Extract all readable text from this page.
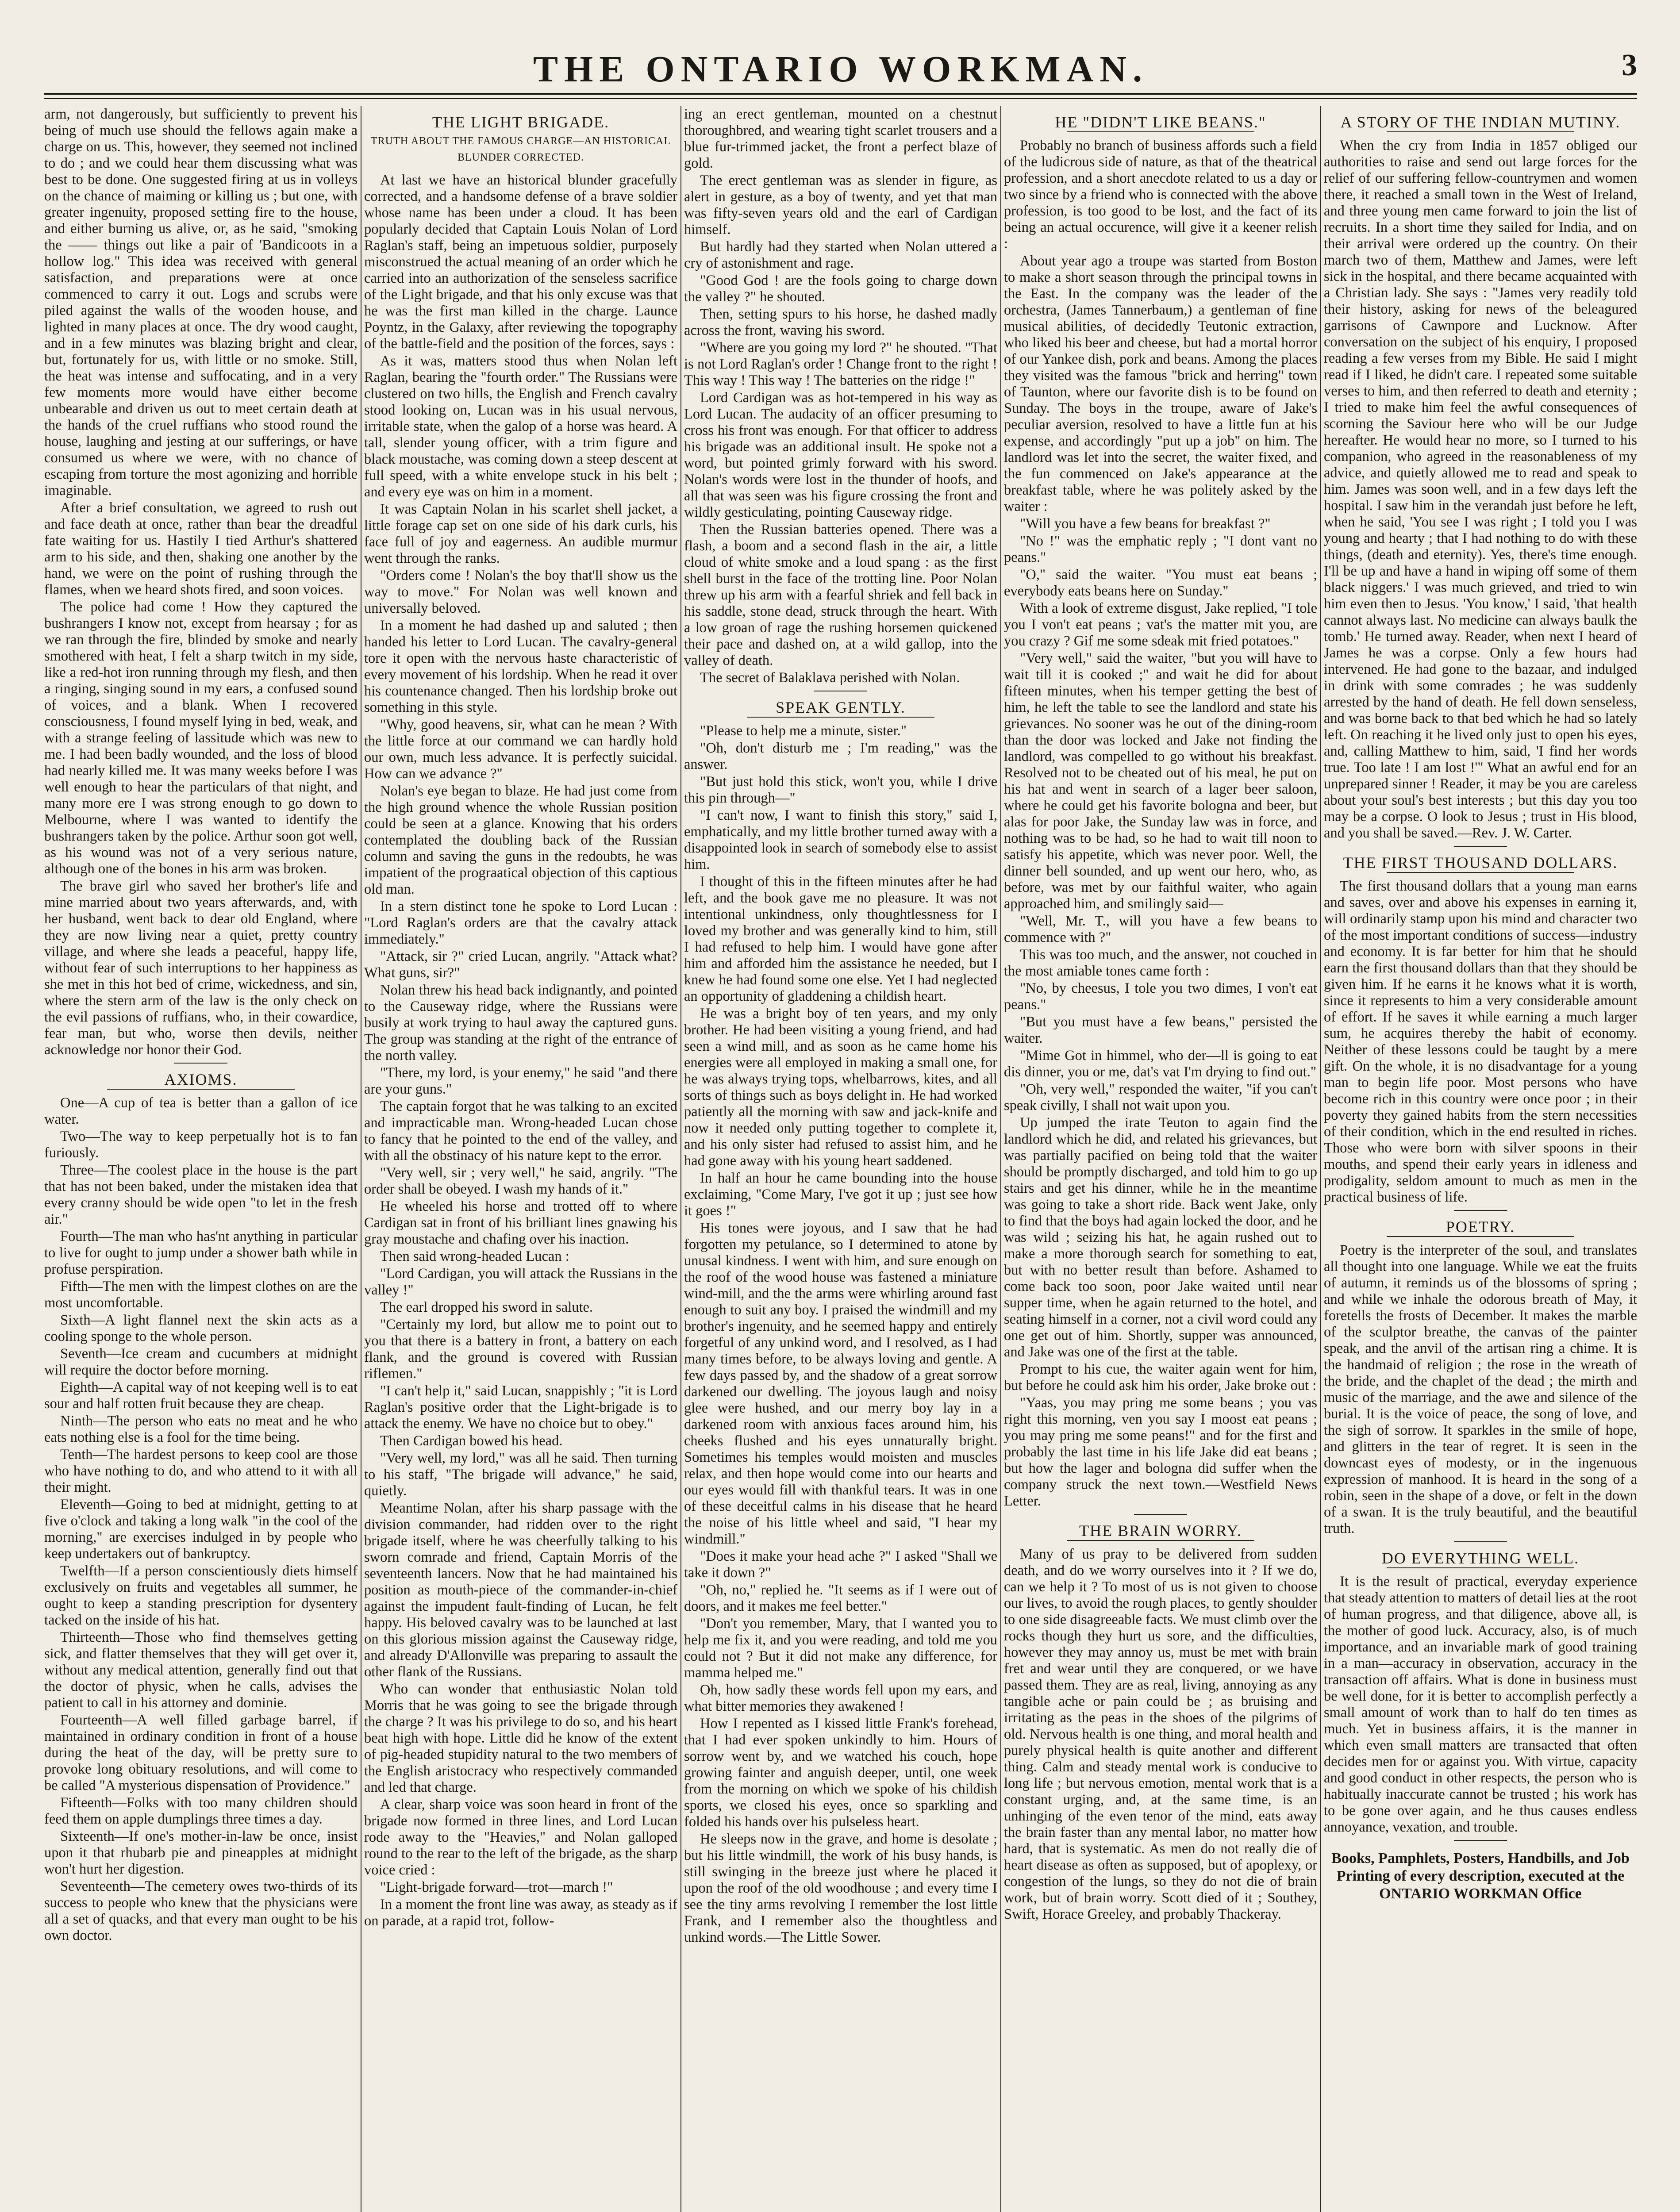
THE ONTARIO WORKMAN.	3

arm, not dangerously, but sufficiently to prevent his being of much use should the fellows again make a charge on us. This, however, they seemed not inclined to do ; and we could hear them discussing what was best to be done. One suggested firing at us in volleys on the chance of maiming or killing us ; but one, with greater ingenuity, proposed setting fire to the house, and either burning us alive, or, as he said, "smoking the —— things out like a pair of 'Bandicoots in a hollow log." This idea was received with general satisfaction, and preparations were at once commenced to carry it out. Logs and scrubs were piled against the walls of the wooden house, and lighted in many places at once. The dry wood caught, and in a few minutes was blazing bright and clear, but, fortunately for us, with little or no smoke. Still, the heat was intense and suffocating, and in a very few moments more would have either become unbearable and driven us out to meet certain death at the hands of the cruel ruffians who stood round the house, laughing and jesting at our sufferings, or have consumed us where we were, with no chance of escaping from torture the most agonizing and horrible imaginable.

After a brief consultation, we agreed to rush out and face death at once, rather than bear the dreadful fate waiting for us. Hastily I tied Arthur's shattered arm to his side, and then, shaking one another by the hand, we were on the point of rushing through the flames, when we heard shots fired, and soon voices.

The police had come ! How they captured the bushrangers I know not, except from hearsay ; for as we ran through the fire, blinded by smoke and nearly smothered with heat, I felt a sharp twitch in my side, like a red-hot iron running through my flesh, and then a ringing, singing sound in my ears, a confused sound of voices, and a blank. When I recovered consciousness, I found myself lying in bed, weak, and with a strange feeling of lassitude which was new to me. I had been badly wounded, and the loss of blood had nearly killed me. It was many weeks before I was well enough to hear the particulars of that night, and many more ere I was strong enough to go down to Melbourne, where I was wanted to identify the bushrangers taken by the police. Arthur soon got well, as his wound was not of a very serious nature, although one of the bones in his arm was broken.

The brave girl who saved her brother's life and mine married about two years afterwards, and, with her husband, went back to dear old England, where they are now living near a quiet, pretty country village, and where she leads a peaceful, happy life, without fear of such interruptions to her happiness as she met in this hot bed of crime, wickedness, and sin, where the stern arm of the law is the only check on the evil passions of ruffians, who, in their cowardice, fear man, but who, worse then devils, neither acknowledge nor honor their God.

AXIOMS.

One—A cup of tea is better than a gallon of ice water.

Two—The way to keep perpetually hot is to fan furiously.

Three—The coolest place in the house is the part that has not been baked, under the mistaken idea that every cranny should be wide open "to let in the fresh air."

Fourth—The man who has'nt anything in particular to live for ought to jump under a shower bath while in profuse perspiration.

Fifth—The men with the limpest clothes on are the most uncomfortable.

Sixth—A light flannel next the skin acts as a cooling sponge to the whole person.

Seventh—Ice cream and cucumbers at midnight will require the doctor before morning.

Eighth—A capital way of not keeping well is to eat sour and half rotten fruit because they are cheap.

Ninth—The person who eats no meat and he who eats nothing else is a fool for the time being.

Tenth—The hardest persons to keep cool are those who have nothing to do, and who attend to it with all their might.

Eleventh—Going to bed at midnight, getting to at five o'clock and taking a long walk "in the cool of the morning," are exercises indulged in by people who keep undertakers out of bankruptcy.

Twelfth—If a person conscientiously diets himself exclusively on fruits and vegetables all summer, he ought to keep a standing prescription for dysentery tacked on the inside of his hat.

Thirteenth—Those who find themselves getting sick, and flatter themselves that they will get over it, without any medical attention, generally find out that the doctor of physic, when he calls, advises the patient to call in his attorney and dominie.

Fourteenth—A well filled garbage barrel, if maintained in ordinary condition in front of a house during the heat of the day, will be pretty sure to provoke long obituary resolutions, and will come to be called "A mysterious dispensation of Providence."

Fifteenth—Folks with too many children should feed them on apple dumplings three times a day.

Sixteenth—If one's mother-in-law be once, insist upon it that rhubarb pie and pineapples at midnight won't hurt her digestion.

Seventeenth—The cemetery owes two-thirds of its success to people who knew that the physicians were all a set of quacks, and that every man ought to be his own doctor.

THE LIGHT BRIGADE.
TRUTH ABOUT THE FAMOUS CHARGE—AN HISTORICAL BLUNDER CORRECTED.

At last we have an historical blunder gracefully corrected, and a handsome defense of a brave soldier whose name has been under a cloud. It has been popularly decided that Captain Louis Nolan of Lord Raglan's staff, being an impetuous soldier, purposely misconstrued the actual meaning of an order which he carried into an authorization of the senseless sacrifice of the Light brigade, and that his only excuse was that he was the first man killed in the charge. Launce Poyntz, in the Galaxy, after reviewing the topography of the battle-field and the position of the forces, says :

As it was, matters stood thus when Nolan left Raglan, bearing the "fourth order." The Russians were clustered on two hills, the English and French cavalry stood looking on, Lucan was in his usual nervous, irritable state, when the galop of a horse was heard. A tall, slender young officer, with a trim figure and black moustache, was coming down a steep descent at full speed, with a white envelope stuck in his belt ; and every eye was on him in a moment.

It was Captain Nolan in his scarlet shell jacket, a little forage cap set on one side of his dark curls, his face full of joy and eagerness. An audible murmur went through the ranks.

"Orders come ! Nolan's the boy that'll show us the way to move." For Nolan was well known and universally beloved.

In a moment he had dashed up and saluted ; then handed his letter to Lord Lucan. The cavalry-general tore it open with the nervous haste characteristic of every movement of his lordship. When he read it over his countenance changed. Then his lordship broke out something in this style.

"Why, good heavens, sir, what can he mean ? With the little force at our command we can hardly hold our own, much less advance. It is perfectly suicidal. How can we advance ?"

Nolan's eye began to blaze. He had just come from the high ground whence the whole Russian position could be seen at a glance. Knowing that his orders contemplated the doubling back of the Russian column and saving the guns in the redoubts, he was impatient of the prograatical objection of this captious old man.

In a stern distinct tone he spoke to Lord Lucan : "Lord Raglan's orders are that the cavalry attack immediately."

"Attack, sir ?" cried Lucan, angrily. "Attack what? What guns, sir?"

Nolan threw his head back indignantly, and pointed to the Causeway ridge, where the Russians were busily at work trying to haul away the captured guns. The group was standing at the right of the entrance of the north valley.

"There, my lord, is your enemy," he said "and there are your guns."

The captain forgot that he was talking to an excited and impracticable man. Wrong-headed Lucan chose to fancy that he pointed to the end of the valley, and with all the obstinacy of his nature kept to the error.

"Very well, sir ; very well," he said, angrily. "The order shall be obeyed. I wash my hands of it."

He wheeled his horse and trotted off to where Cardigan sat in front of his brilliant lines gnawing his gray moustache and chafing over his inaction.

Then said wrong-headed Lucan :

"Lord Cardigan, you will attack the Russians in the valley !"

The earl dropped his sword in salute.

"Certainly my lord, but allow me to point out to you that there is a battery in front, a battery on each flank, and the ground is covered with Russian riflemen."

"I can't help it," said Lucan, snappishly ; "it is Lord Raglan's positive order that the Light-brigade is to attack the enemy. We have no choice but to obey."

Then Cardigan bowed his head.

"Very well, my lord," was all he said. Then turning to his staff, "The brigade will advance," he said, quietly.

Meantime Nolan, after his sharp passage with the division commander, had ridden over to the right brigade itself, where he was cheerfully talking to his sworn comrade and friend, Captain Morris of the seventeenth lancers. Now that he had maintained his position as mouth-piece of the commander-in-chief against the impudent fault-finding of Lucan, he felt happy. His beloved cavalry was to be launched at last on this glorious mission against the Causeway ridge, and already D'Allonville was preparing to assault the other flank of the Russians.

Who can wonder that enthusiastic Nolan told Morris that he was going to see the brigade through the charge ? It was his privilege to do so, and his heart beat high with hope. Little did he know of the extent of pig-headed stupidity natural to the two members of the English aristocracy who respectively commanded and led that charge.

A clear, sharp voice was soon heard in front of the brigade now formed in three lines, and Lord Lucan rode away to the "Heavies," and Nolan galloped round to the rear to the left of the brigade, as the sharp voice cried :

"Light-brigade forward—trot—march !"

In a moment the front line was away, as steady as if on parade, at a rapid trot, follow-

ing an erect gentleman, mounted on a chestnut thoroughbred, and wearing tight scarlet trousers and a blue fur-trimmed jacket, the front a perfect blaze of gold.

The erect gentleman was as slender in figure, as alert in gesture, as a boy of twenty, and yet that man was fifty-seven years old and the earl of Cardigan himself.

But hardly had they started when Nolan uttered a cry of astonishment and rage.

"Good God ! are the fools going to charge down the valley ?" he shouted.

Then, setting spurs to his horse, he dashed madly across the front, waving his sword.

"Where are you going my lord ?" he shouted. "That is not Lord Raglan's order ! Change front to the right ! This way ! This way ! The batteries on the ridge !"

Lord Cardigan was as hot-tempered in his way as Lord Lucan. The audacity of an officer presuming to cross his front was enough. For that officer to address his brigade was an additional insult. He spoke not a word, but pointed grimly forward with his sword. Nolan's words were lost in the thunder of hoofs, and all that was seen was his figure crossing the front and wildly gesticulating, pointing Causeway ridge.

Then the Russian batteries opened. There was a flash, a boom and a second flash in the air, a little cloud of white smoke and a loud spang : as the first shell burst in the face of the trotting line. Poor Nolan threw up his arm with a fearful shriek and fell back in his saddle, stone dead, struck through the heart. With a low groan of rage the rushing horsemen quickened their pace and dashed on, at a wild gallop, into the valley of death.

The secret of Balaklava perished with Nolan.

SPEAK GENTLY.

"Please to help me a minute, sister."

"Oh, don't disturb me ; I'm reading," was the answer.

"But just hold this stick, won't you, while I drive this pin through—"

"I can't now, I want to finish this story," said I, emphatically, and my little brother turned away with a disappointed look in search of somebody else to assist him.

I thought of this in the fifteen minutes after he had left, and the book gave me no pleasure. It was not intentional unkindness, only thoughtlessness for I loved my brother and was generally kind to him, still I had refused to help him. I would have gone after him and afforded him the assistance he needed, but I knew he had found some one else. Yet I had neglected an opportunity of gladdening a childish heart.

He was a bright boy of ten years, and my only brother. He had been visiting a young friend, and had seen a wind mill, and as soon as he came home his energies were all employed in making a small one, for he was always trying tops, whelbarrows, kites, and all sorts of things such as boys delight in. He had worked patiently all the morning with saw and jack-knife and now it needed only putting together to complete it, and his only sister had refused to assist him, and he had gone away with his young heart saddened.

In half an hour he came bounding into the house exclaiming, "Come Mary, I've got it up ; just see how it goes !"

His tones were joyous, and I saw that he had forgotten my petulance, so I determined to atone by unusal kindness. I went with him, and sure enough on the roof of the wood house was fastened a miniature wind-mill, and the the arms were whirling around fast enough to suit any boy. I praised the windmill and my brother's ingenuity, and he seemed happy and entirely forgetful of any unkind word, and I resolved, as I had many times before, to be always loving and gentle. A few days passed by, and the shadow of a great sorrow darkened our dwelling. The joyous laugh and noisy glee were hushed, and our merry boy lay in a darkened room with anxious faces around him, his cheeks flushed and his eyes unnaturally bright. Sometimes his temples would moisten and muscles relax, and then hope would come into our hearts and our eyes would fill with thankful tears. It was in one of these deceitful calms in his disease that he heard the noise of his little wheel and said, "I hear my windmill."

"Does it make your head ache ?" I asked "Shall we take it down ?"

"Oh, no," replied he. "It seems as if I were out of doors, and it makes me feel better."

"Don't you remember, Mary, that I wanted you to help me fix it, and you were reading, and told me you could not ? But it did not make any difference, for mamma helped me."

Oh, how sadly these words fell upon my ears, and what bitter memories they awakened !

How I repented as I kissed little Frank's forehead, that I had ever spoken unkindly to him. Hours of sorrow went by, and we watched his couch, hope growing fainter and anguish deeper, until, one week from the morning on which we spoke of his childish sports, we closed his eyes, once so sparkling and folded his hands over his pulseless heart.

He sleeps now in the grave, and home is desolate ; but his little windmill, the work of his busy hands, is still swinging in the breeze just where he placed it upon the roof of the old woodhouse ; and every time I see the tiny arms revolving I remember the lost little Frank, and I remember also the thoughtless and unkind words.—The Little Sower.

HE "DIDN'T LIKE BEANS."

Probably no branch of business affords such a field of the ludicrous side of nature, as that of the theatrical profession, and a short anecdote related to us a day or two since by a friend who is connected with the above profession, is too good to be lost, and the fact of its being an actual occurence, will give it a keener relish :

About year ago a troupe was started from Boston to make a short season through the principal towns in the East. In the company was the leader of the orchestra, (James Tannerbaum,) a gentleman of fine musical abilities, of decidedly Teutonic extraction, who liked his beer and cheese, but had a mortal horror of our Yankee dish, pork and beans. Among the places they visited was the famous "brick and herring" town of Taunton, where our favorite dish is to be found on Sunday. The boys in the troupe, aware of Jake's peculiar aversion, resolved to have a little fun at his expense, and accordingly "put up a job" on him. The landlord was let into the secret, the waiter fixed, and the fun commenced on Jake's appearance at the breakfast table, where he was politely asked by the waiter :

"Will you have a few beans for breakfast ?"

"No !" was the emphatic reply ; "I dont vant no peans."

"O," said the waiter. "You must eat beans ; everybody eats beans here on Sunday."

With a look of extreme disgust, Jake replied, "I tole you I von't eat peans ; vat's the matter mit you, are you crazy ? Gif me some sdeak mit fried potatoes."

"Very well," said the waiter, "but you will have to wait till it is cooked ;" and wait he did for about fifteen minutes, when his temper getting the best of him, he left the table to see the landlord and state his grievances. No sooner was he out of the dining-room than the door was locked and Jake not finding the landlord, was compelled to go without his breakfast. Resolved not to be cheated out of his meal, he put on his hat and went in search of a lager beer saloon, where he could get his favorite bologna and beer, but alas for poor Jake, the Sunday law was in force, and nothing was to be had, so he had to wait till noon to satisfy his appetite, which was never poor. Well, the dinner bell sounded, and up went our hero, who, as before, was met by our faithful waiter, who again approached him, and smilingly said—

"Well, Mr. T., will you have a few beans to commence with ?"

This was too much, and the answer, not couched in the most amiable tones came forth :

"No, by cheesus, I tole you two dimes, I von't eat peans."

"But you must have a few beans," persisted the waiter.

"Mime Got in himmel, who der—ll is going to eat dis dinner, you or me, dat's vat I'm drying to find out."

"Oh, very well," responded the waiter, "if you can't speak civilly, I shall not wait upon you.

Up jumped the irate Teuton to again find the landlord which he did, and related his grievances, but was partially pacified on being told that the waiter should be promptly discharged, and told him to go up stairs and get his dinner, while he in the meantime was going to take a short ride. Back went Jake, only to find that the boys had again locked the door, and he was wild ; seizing his hat, he again rushed out to make a more thorough search for something to eat, but with no better result than before. Ashamed to come back too soon, poor Jake waited until near supper time, when he again returned to the hotel, and seating himself in a corner, not a civil word could any one get out of him. Shortly, supper was announced, and Jake was one of the first at the table.

Prompt to his cue, the waiter again went for him, but before he could ask him his order, Jake broke out :

"Yaas, you may pring me some beans ; you vas right this morning, ven you say I moost eat peans ; you may pring me some peans!" and for the first and probably the last time in his life Jake did eat beans ; but how the lager and bologna did suffer when the company struck the next town.—Westfield News Letter.

THE BRAIN WORRY.

Many of us pray to be delivered from sudden death, and do we worry ourselves into it ? If we do, can we help it ? To most of us is not given to choose our lives, to avoid the rough places, to gently shoulder to one side disagreeable facts. We must climb over the rocks though they hurt us sore, and the difficulties, however they may annoy us, must be met with brain fret and wear until they are conquered, or we have passed them. They are as real, living, annoying as any tangible ache or pain could be ; as bruising and irritating as the peas in the shoes of the pilgrims of old. Nervous health is one thing, and moral health and purely physical health is quite another and different thing. Calm and steady mental work is conducive to long life ; but nervous emotion, mental work that is a constant urging, and, at the same time, is an unhinging of the even tenor of the mind, eats away the brain faster than any mental labor, no matter how hard, that is systematic. As men do not really die of heart disease as often as supposed, but of apoplexy, or congestion of the lungs, so they do not die of brain work, but of brain worry. Scott died of it ; Southey, Swift, Horace Greeley, and probably Thackeray.

A STORY OF THE INDIAN MUTINY.

When the cry from India in 1857 obliged our authorities to raise and send out large forces for the relief of our suffering fellow-countrymen and women there, it reached a small town in the West of Ireland, and three young men came forward to join the list of recruits. In a short time they sailed for India, and on their arrival were ordered up the country. On their march two of them, Matthew and James, were left sick in the hospital, and there became acquainted with a Christian lady. She says : "James very readily told their history, asking for news of the beleagured garrisons of Cawnpore and Lucknow. After conversation on the subject of his enquiry, I proposed reading a few verses from my Bible. He said I might read if I liked, he didn't care. I repeated some suitable verses to him, and then referred to death and eternity ; I tried to make him feel the awful consequences of scorning the Saviour here who will be our Judge hereafter. He would hear no more, so I turned to his companion, who agreed in the reasonableness of my advice, and quietly allowed me to read and speak to him. James was soon well, and in a few days left the hospital. I saw him in the verandah just before he left, when he said, 'You see I was right ; I told you I was young and hearty ; that I had nothing to do with these things, (death and eternity). Yes, there's time enough. I'll be up and have a hand in wiping off some of them black niggers.' I was much grieved, and tried to win him even then to Jesus. 'You know,' I said, 'that health cannot always last. No medicine can always baulk the tomb.' He turned away. Reader, when next I heard of James he was a corpse. Only a few hours had intervened. He had gone to the bazaar, and indulged in drink with some comrades ; he was suddenly arrested by the hand of death. He fell down senseless, and was borne back to that bed which he had so lately left. On reaching it he lived only just to open his eyes, and, calling Matthew to him, said, 'I find her words true. Too late ! I am lost !'" What an awful end for an unprepared sinner ! Reader, it may be you are careless about your soul's best interests ; but this day you too may be a corpse. O look to Jesus ; trust in His blood, and you shall be saved.—Rev. J. W. Carter.

THE FIRST THOUSAND DOLLARS.

The first thousand dollars that a young man earns and saves, over and above his expenses in earning it, will ordinarily stamp upon his mind and character two of the most important conditions of success—industry and economy. It is far better for him that he should earn the first thousand dollars than that they should be given him. If he earns it he knows what it is worth, since it represents to him a very considerable amount of effort. If he saves it while earning a much larger sum, he acquires thereby the habit of economy. Neither of these lessons could be taught by a mere gift. On the whole, it is no disadvantage for a young man to begin life poor. Most persons who have become rich in this country were once poor ; in their poverty they gained habits from the stern necessities of their condition, which in the end resulted in riches. Those who were born with silver spoons in their mouths, and spend their early years in idleness and prodigality, seldom amount to much as men in the practical business of life.

POETRY.

Poetry is the interpreter of the soul, and translates all thought into one language. While we eat the fruits of autumn, it reminds us of the blossoms of spring ; and while we inhale the odorous breath of May, it foretells the frosts of December. It makes the marble of the sculptor breathe, the canvas of the painter speak, and the anvil of the artisan ring a chime. It is the handmaid of religion ; the rose in the wreath of the bride, and the chaplet of the dead ; the mirth and music of the marriage, and the awe and silence of the burial. It is the voice of peace, the song of love, and the sigh of sorrow. It sparkles in the smile of hope, and glitters in the tear of regret. It is seen in the downcast eyes of modesty, or in the ingenuous expression of manhood. It is heard in the song of a robin, seen in the shape of a dove, or felt in the down of a swan. It is the truly beautiful, and the beautiful truth.

DO EVERYTHING WELL.

It is the result of practical, everyday experience that steady attention to matters of detail lies at the root of human progress, and that diligence, above all, is the mother of good luck. Accuracy, also, is of much importance, and an invariable mark of good training in a man—accuracy in observation, accuracy in the transaction off affairs. What is done in business must be well done, for it is better to accomplish perfectly a small amount of work than to half do ten times as much. Yet in business affairs, it is the manner in which even small matters are transacted that often decides men for or against you. With virtue, capacity and good conduct in other respects, the person who is habitually inaccurate cannot be trusted ; his work has to be gone over again, and he thus causes endless annoyance, vexation, and trouble.

Books, Pamphlets, Posters, Handbills, and Job Printing of every description, executed at the ONTARIO WORKMAN Office
